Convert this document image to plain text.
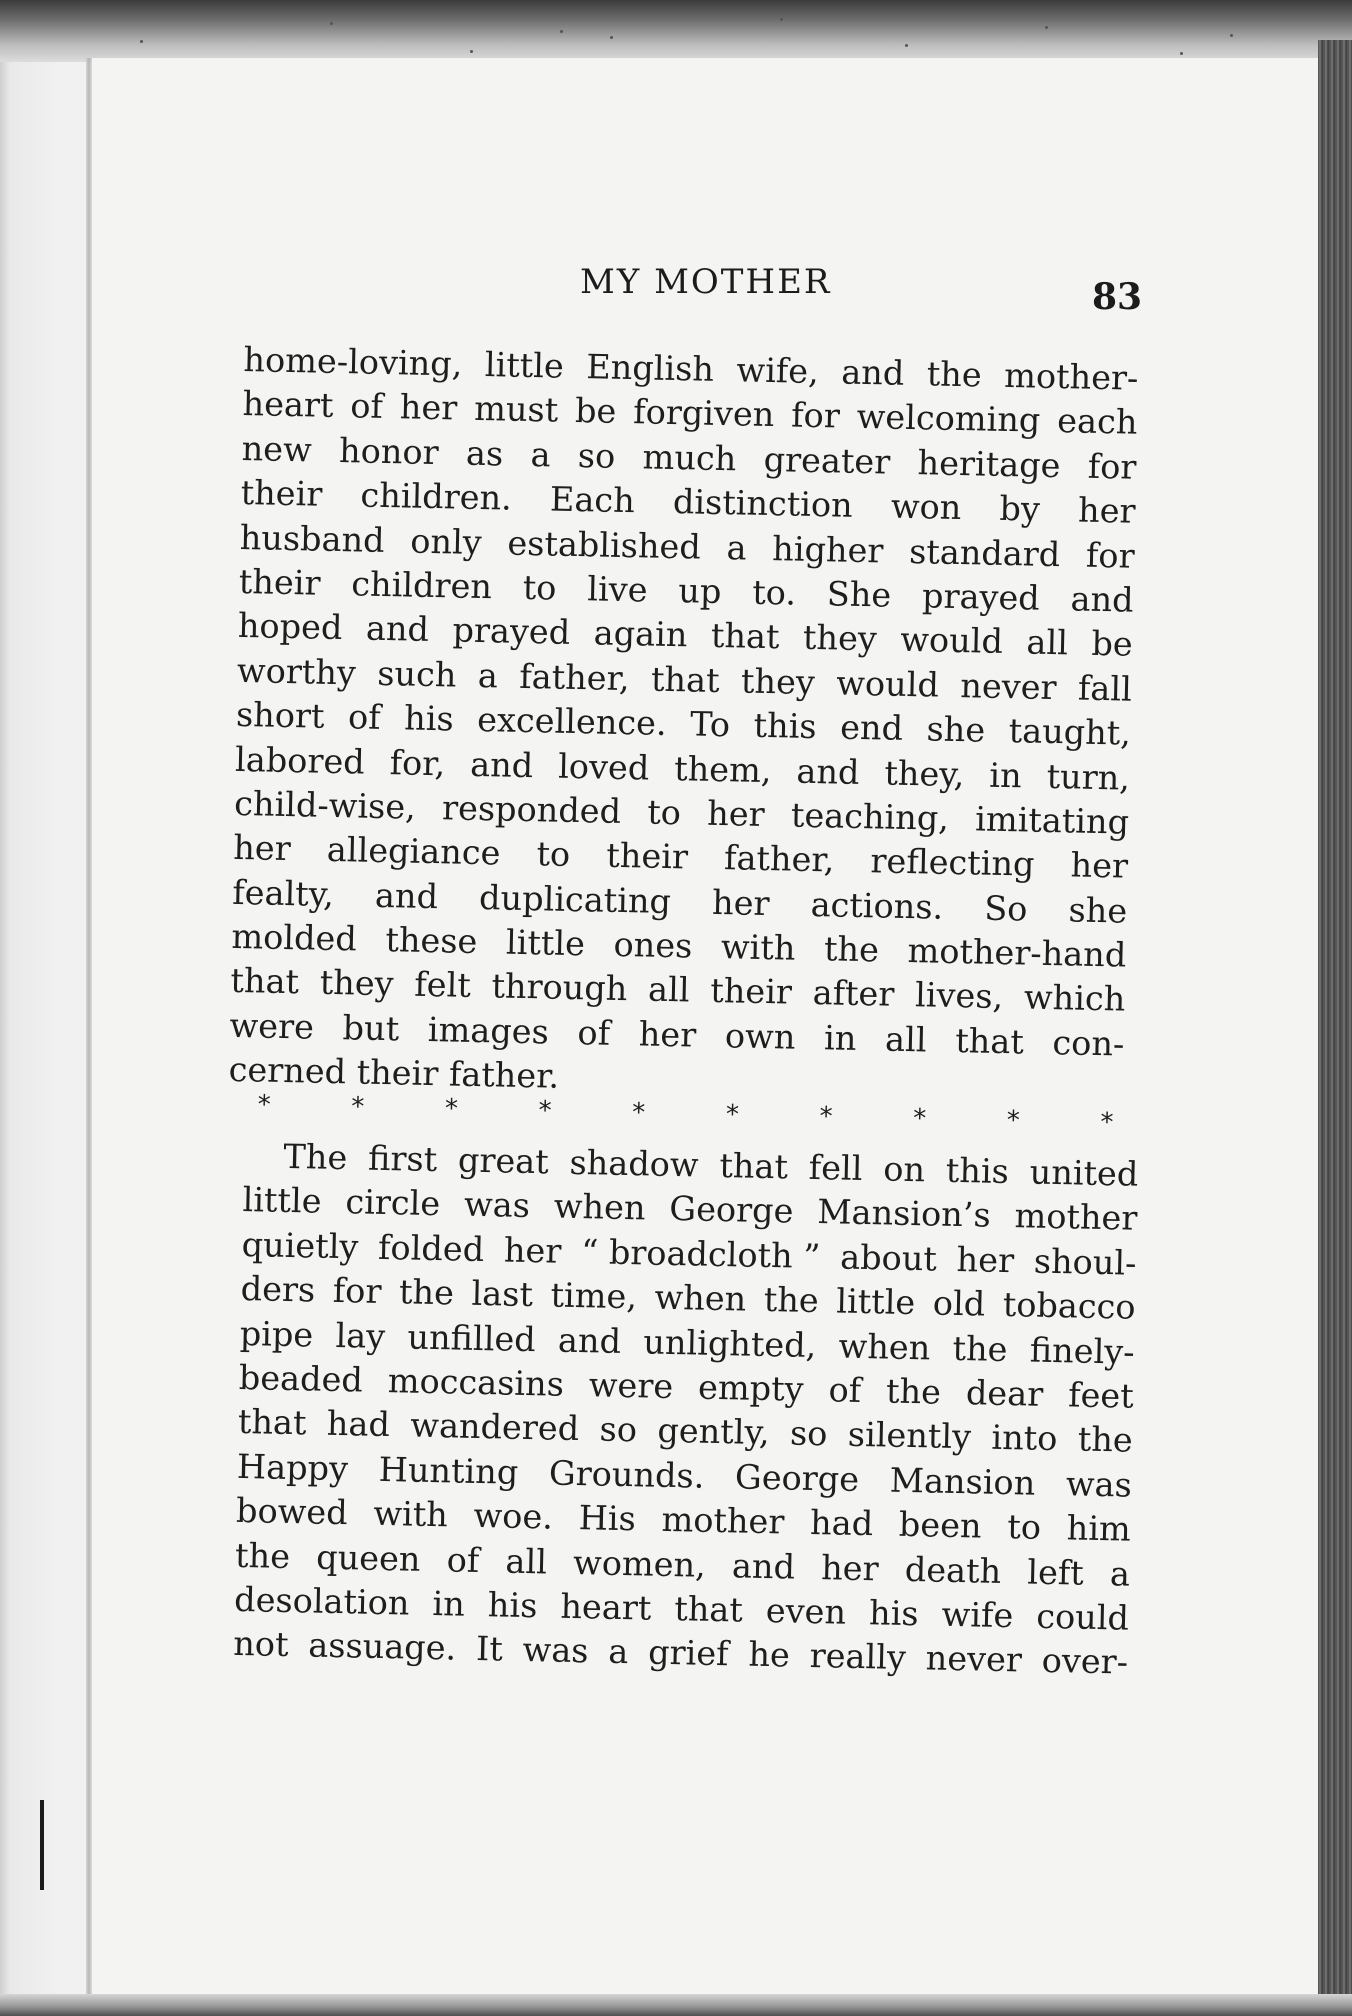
MY MOTHER	83
home-loving, little English wife, and the mother-
heart of her must be forgiven for welcoming each
new honor as a so much greater heritage for
their children. Each distinction won by her
husband only established a higher standard for
their children to live up to. She prayed and
hoped and prayed again that they would all be
worthy such a father, that they would never fall
short of his excellence. To this end she taught,
labored for, and loved them, and they, in turn,
child-wise, responded to her teaching, imitating
her allegiance to their father, reflecting her
fealty, and duplicating her actions. So she
molded these little ones with the mother-hand
that they felt through all their after lives, which
were but images of her own in all that con-
cerned their father.
*	*	*	*	*	*	*	*	*	*
The first great shadow that fell on this united
little circle was when George Mansion’s mother
quietly folded her “ broadcloth ” about her shoul-
ders for the last time, when the little old tobacco
pipe lay unfilled and unlighted, when the finely-
beaded moccasins were empty of the dear feet
that had wandered so gently, so silently into the
Happy Hunting Grounds. George Mansion was
bowed with woe. His mother had been to him
the queen of all women, and her death left a
desolation in his heart that even his wife could
not assuage. It was a grief he really never over-
